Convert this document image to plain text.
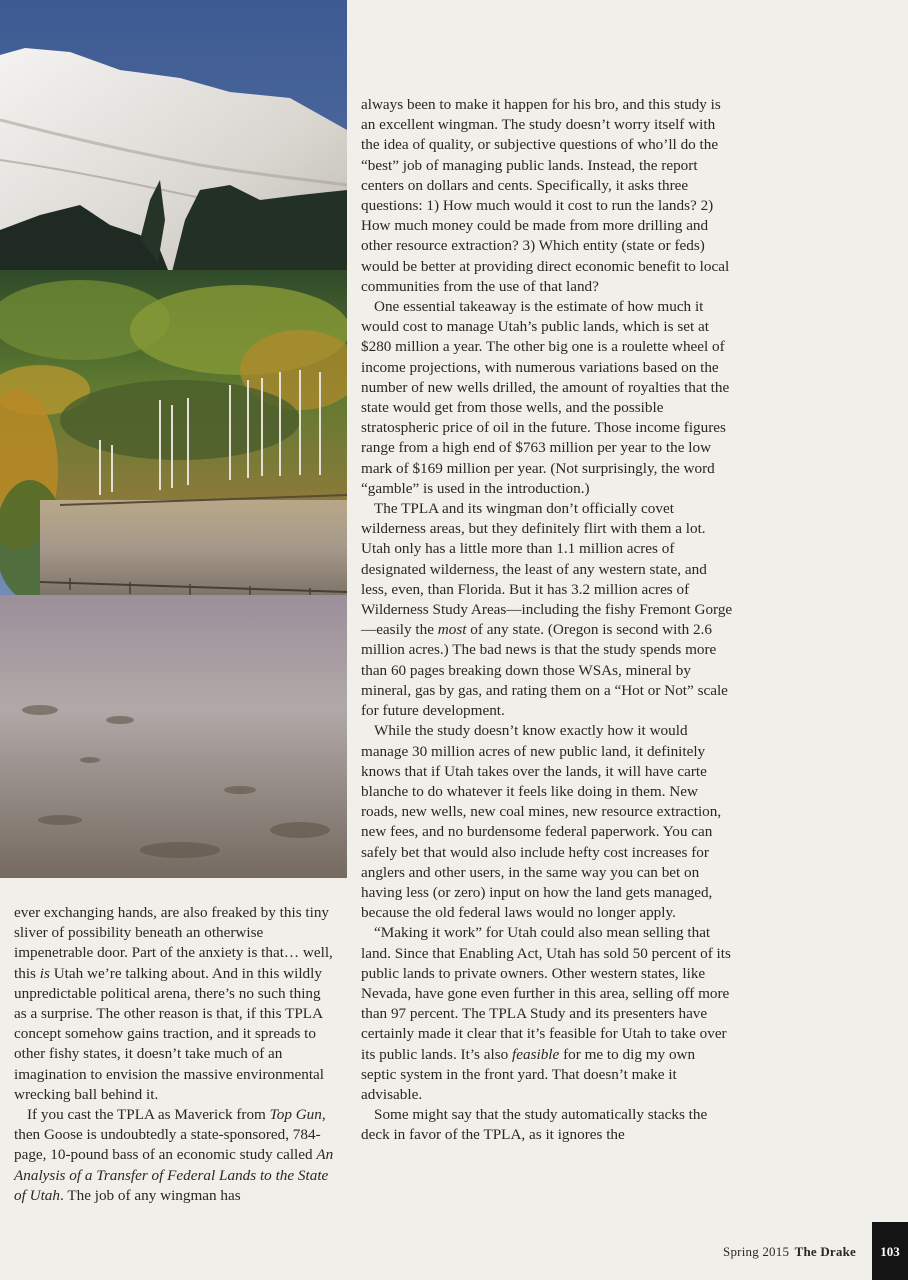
ever exchanging hands, are also freaked by this tiny sliver of possibility beneath an otherwise impenetrable door. Part of the anxiety is that… well, this is Utah we’re talking about. And in this wildly unpredictable political arena, there’s no such thing as a surprise. The other reason is that, if this TPLA concept somehow gains traction, and it spreads to other fishy states, it doesn’t take much of an imagination to envision the massive environmental wrecking ball behind it.

If you cast the TPLA as Maverick from Top Gun, then Goose is undoubtedly a state-sponsored, 784-page, 10-pound bass of an economic study called An Analysis of a Transfer of Federal Lands to the State of Utah. The job of any wingman has

always been to make it happen for his bro, and this study is an excellent wingman. The study doesn’t worry itself with the idea of quality, or subjective questions of who’ll do the “best” job of managing public lands. Instead, the report centers on dollars and cents. Specifically, it asks three questions: 1) How much would it cost to run the lands? 2) How much money could be made from more drilling and other resource extraction? 3) Which entity (state or feds) would be better at providing direct economic benefit to local communities from the use of that land?

One essential takeaway is the estimate of how much it would cost to manage Utah’s public lands, which is set at $280 million a year. The other big one is a roulette wheel of income projections, with numerous variations based on the number of new wells drilled, the amount of royalties that the state would get from those wells, and the possible stratospheric price of oil in the future. Those income figures range from a high end of $763 million per year to the low mark of $169 million per year. (Not surprisingly, the word “gamble” is used in the introduction.)

The TPLA and its wingman don’t officially covet wilderness areas, but they definitely flirt with them a lot. Utah only has a little more than 1.1 million acres of designated wilderness, the least of any western state, and less, even, than Florida. But it has 3.2 million acres of Wilderness Study Areas—including the fishy Fremont Gorge—easily the most of any state. (Oregon is second with 2.6 million acres.) The bad news is that the study spends more than 60 pages breaking down those WSAs, mineral by mineral, gas by gas, and rating them on a “Hot or Not” scale for future development.

While the study doesn’t know exactly how it would manage 30 million acres of new public land, it definitely knows that if Utah takes over the lands, it will have carte blanche to do whatever it feels like doing in them. New roads, new wells, new coal mines, new resource extraction, new fees, and no burdensome federal paperwork. You can safely bet that would also include hefty cost increases for anglers and other users, in the same way you can bet on having less (or zero) input on how the land gets managed, because the old federal laws would no longer apply.

“Making it work” for Utah could also mean selling that land. Since that Enabling Act, Utah has sold 50 percent of its public lands to private owners. Other western states, like Nevada, have gone even further in this area, selling off more than 97 percent. The TPLA Study and its presenters have certainly made it clear that it’s feasible for Utah to take over its public lands. It’s also feasible for me to dig my own septic system in the front yard. That doesn’t make it advisable.

Some might say that the study automatically stacks the deck in favor of the TPLA, as it ignores the

Spring 2015 The Drake	103
